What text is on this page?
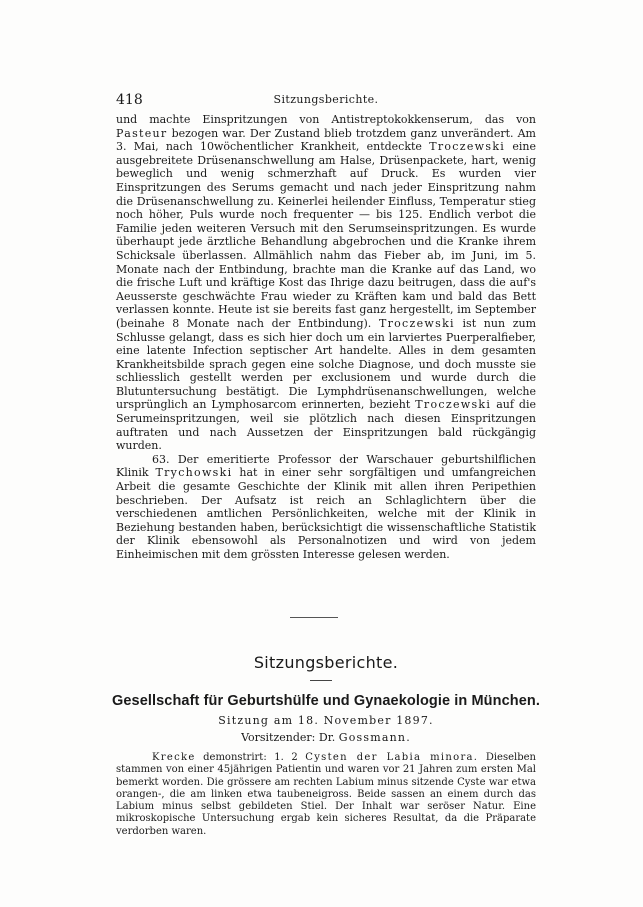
418	Sitzungsberichte.

und machte Einspritzungen von Antistreptokokkenserum, das von Pasteur bezogen war. Der Zustand blieb trotzdem ganz unverändert. Am 3. Mai, nach 10wöchentlicher Krankheit, entdeckte Troczewski eine ausgebreitete Drüsenanschwellung am Halse, Drüsenpackete, hart, wenig beweglich und wenig schmerzhaft auf Druck. Es wurden vier Einspritzungen des Serums gemacht und nach jeder Einspritzung nahm die Drüsenanschwellung zu. Keinerlei heilender Einfluss, Temperatur stieg noch höher, Puls wurde noch frequenter — bis 125. Endlich verbot die Familie jeden weiteren Versuch mit den Serumseinspritzungen. Es wurde überhaupt jede ärztliche Behandlung abgebrochen und die Kranke ihrem Schicksale überlassen. Allmählich nahm das Fieber ab, im Juni, im 5. Monate nach der Entbindung, brachte man die Kranke auf das Land, wo die frische Luft und kräftige Kost das Ihrige dazu beitrugen, dass die auf's Aeusserste geschwächte Frau wieder zu Kräften kam und bald das Bett verlassen konnte. Heute ist sie bereits fast ganz hergestellt, im September (beinahe 8 Monate nach der Entbindung). Troczewski ist nun zum Schlusse gelangt, dass es sich hier doch um ein larviertes Puerperalfieber, eine latente Infection septischer Art handelte. Alles in dem gesamten Krankheitsbilde sprach gegen eine solche Diagnose, und doch musste sie schliesslich gestellt werden per exclusionem und wurde durch die Blutuntersuchung bestätigt. Die Lymphdrüsenanschwellungen, welche ursprünglich an Lymphosarcom erinnerten, bezieht Troczewski auf die Serumeinspritzungen, weil sie plötzlich nach diesen Einspritzungen auftraten und nach Aussetzen der Einspritzungen bald rückgängig wurden.

63. Der emeritierte Professor der Warschauer geburtshilflichen Klinik Trychowski hat in einer sehr sorgfältigen und umfangreichen Arbeit die gesamte Geschichte der Klinik mit allen ihren Peripethien beschrieben. Der Aufsatz ist reich an Schlaglichtern über die verschiedenen amtlichen Persönlichkeiten, welche mit der Klinik in Beziehung bestanden haben, berücksichtigt die wissenschaftliche Statistik der Klinik ebensowohl als Personalnotizen und wird von jedem Einheimischen mit dem grössten Interesse gelesen werden.

Sitzungsberichte.
Gesellschaft für Geburtshülfe und Gynaekologie in München.
Sitzung am 18. November 1897.
Vorsitzender: Dr. Gossmann.

Krecke demonstrirt: 1. 2 Cysten der Labia minora. Dieselben stammen von einer 45jährigen Patientin und waren vor 21 Jahren zum ersten Mal bemerkt worden. Die grössere am rechten Labium minus sitzende Cyste war etwa orangen-, die am linken etwa taubeneigross. Beide sassen an einem durch das Labium minus selbst gebildeten Stiel. Der Inhalt war seröser Natur. Eine mikroskopische Untersuchung ergab kein sicheres Resultat, da die Präparate verdorben waren.
